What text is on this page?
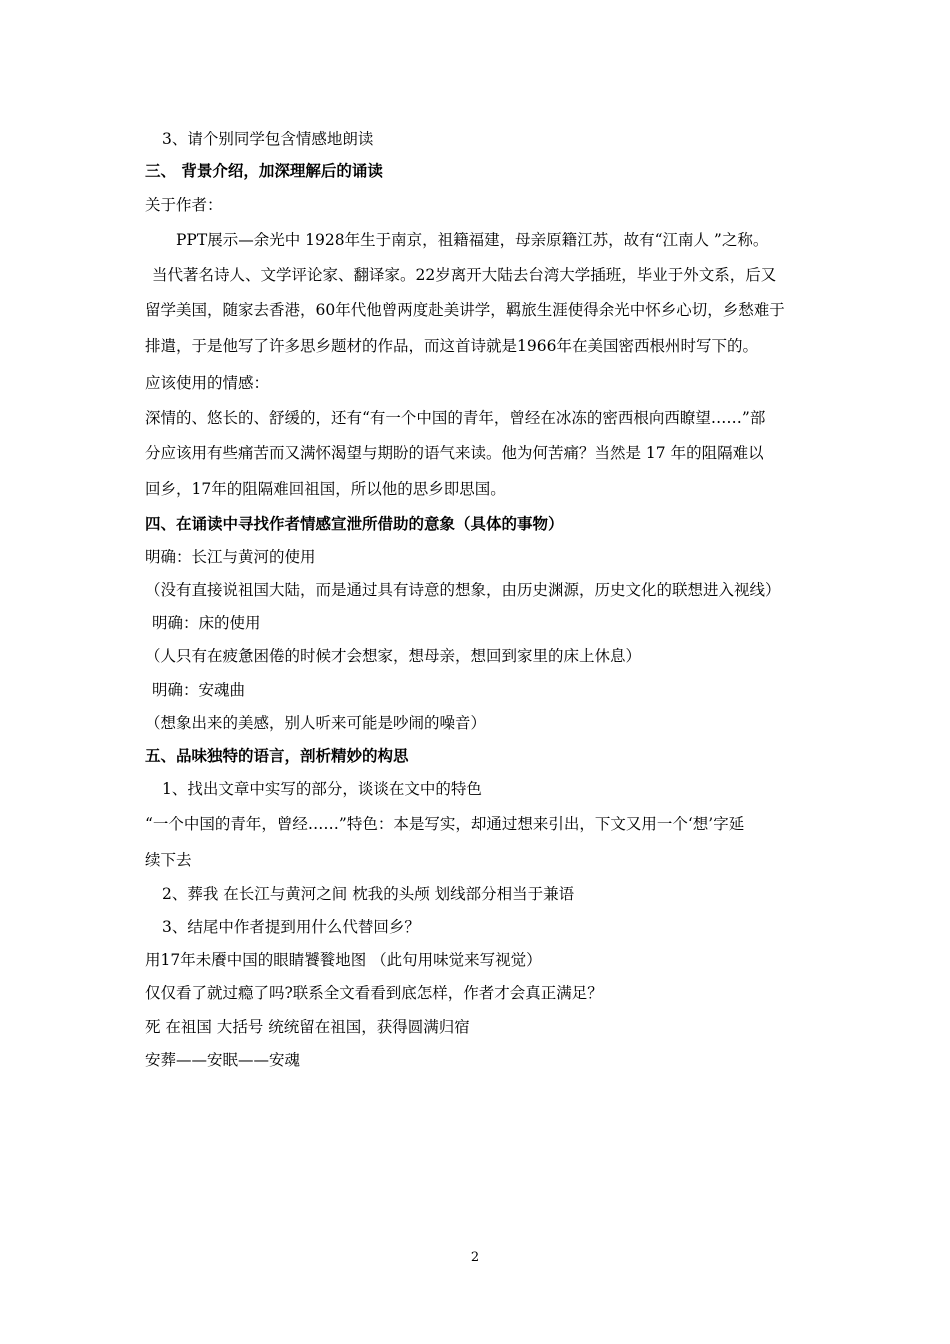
3、请个别同学包含情感地朗读
三、 背景介绍，加深理解后的诵读
关于作者：
PPT展示—余光中 1928年生于南京，祖籍福建，母亲原籍江苏，故有“江南人 ”之称。
当代著名诗人、文学评论家、翻译家。22岁离开大陆去台湾大学插班，毕业于外文系，后又
留学美国，随家去香港，60年代他曾两度赴美讲学，羁旅生涯使得余光中怀乡心切，乡愁难于
排遣，于是他写了许多思乡题材的作品，而这首诗就是1966年在美国密西根州时写下的。
应该使用的情感：
深情的、悠长的、舒缓的，还有“有一个中国的青年，曾经在冰冻的密西根向西瞭望……”部
分应该用有些痛苦而又满怀渴望与期盼的语气来读。他为何苦痛？当然是 17 年的阻隔难以
回乡，17年的阻隔难回祖国，所以他的思乡即思国。
四、在诵读中寻找作者情感宣泄所借助的意象（具体的事物）
明确：长江与黄河的使用
（没有直接说祖国大陆，而是通过具有诗意的想象，由历史渊源，历史文化的联想进入视线）
明确：床的使用
（人只有在疲惫困倦的时候才会想家，想母亲，想回到家里的床上休息）
明确：安魂曲
（想象出来的美感，别人听来可能是吵闹的噪音）
五、品味独特的语言，剖析精妙的构思
1、找出文章中实写的部分，谈谈在文中的特色
“一个中国的青年，曾经……”特色：本是写实，却通过想来引出，下文又用一个‘想’字延
续下去
2、葬我 在长江与黄河之间 枕我的头颅 划线部分相当于兼语
3、结尾中作者提到用什么代替回乡？
用17年未餍中国的眼睛饕餮地图 （此句用味觉来写视觉）
仅仅看了就过瘾了吗?联系全文看看到底怎样，作者才会真正满足？
死 在祖国 大括号 统统留在祖国，获得圆满归宿
安葬——安眠——安魂
2
